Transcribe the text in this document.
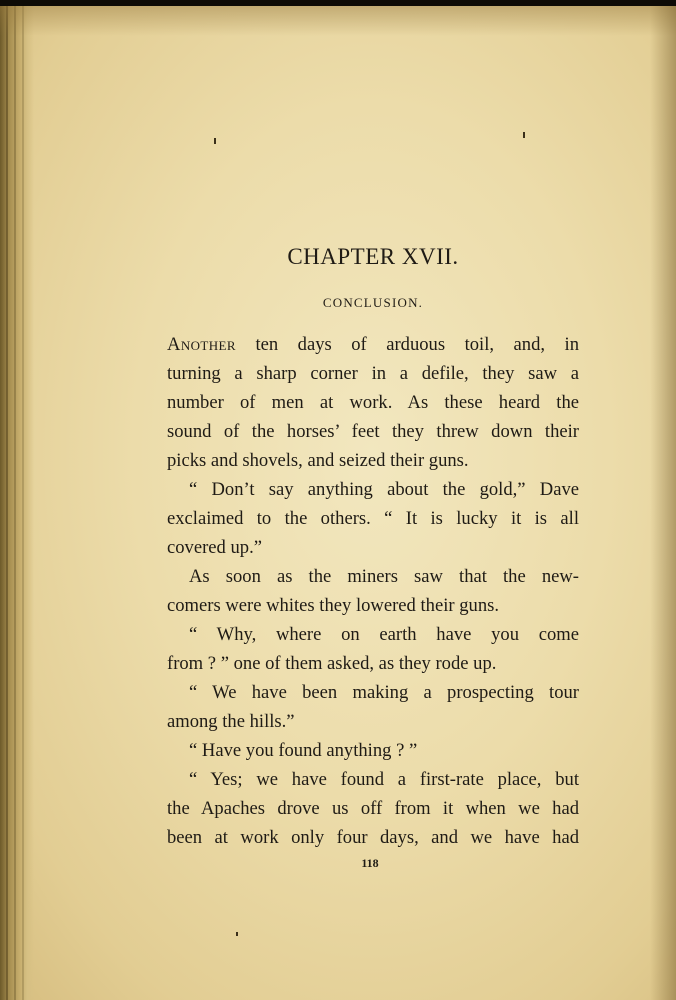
CHAPTER XVII.
CONCLUSION.
Another ten days of arduous toil, and, in
turning a sharp corner in a defile, they saw a
number of men at work. As these heard the
sound of the horses’ feet they threw down their
picks and shovels, and seized their guns.
“ Don’t say anything about the gold,” Dave
exclaimed to the others. “ It is lucky it is all
covered up.”
As soon as the miners saw that the new-
comers were whites they lowered their guns.
“ Why, where on earth have you come
from ? ” one of them asked, as they rode up.
“ We have been making a prospecting tour
among the hills.”
“ Have you found anything ? ”
“ Yes; we have found a first-rate place, but
the Apaches drove us off from it when we had
been at work only four days, and we have had
118
